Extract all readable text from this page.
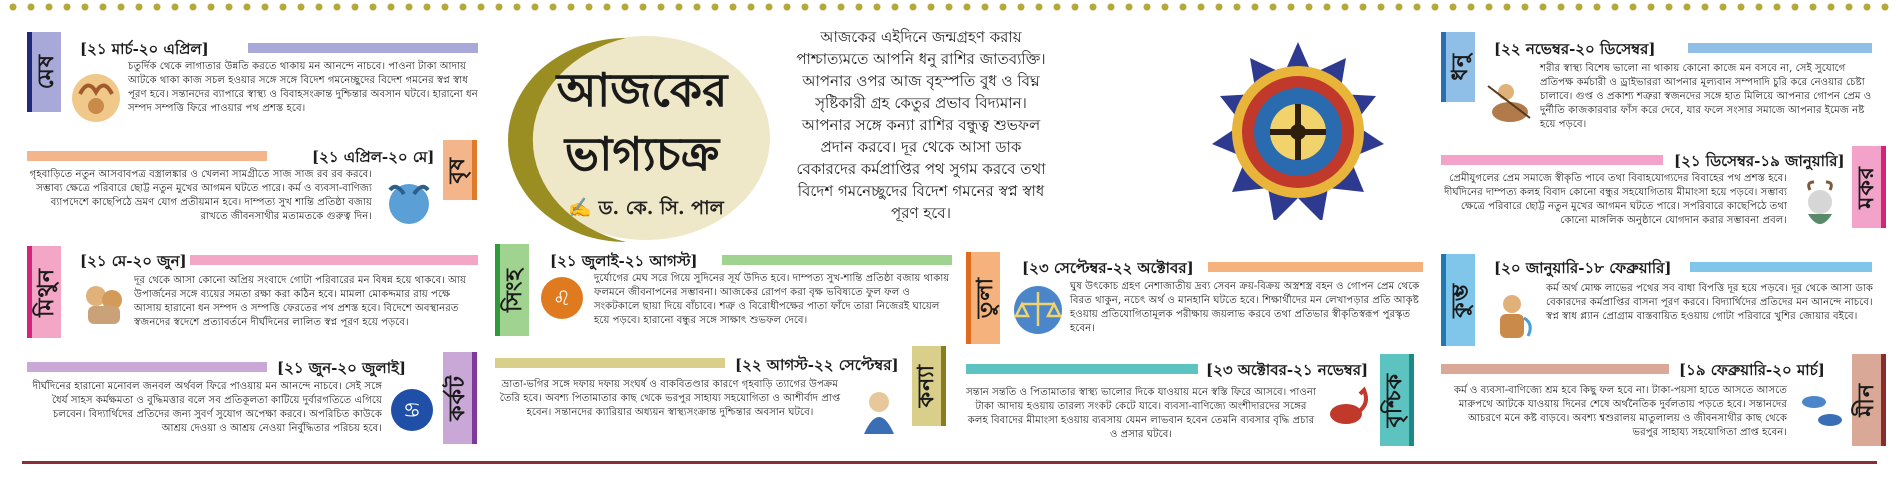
মেষ
[২১ মার্চ-২০ এপ্রিল]
চতুর্দিক থেকে লাগাতার উন্নতি করতে থাকায় মন আনন্দে নাচবে। পাওনা টাকা আদায় আটকে থাকা কাজ সচল হওয়ার সঙ্গে সঙ্গে বিদেশ গমনেচ্ছুদের বিদেশ গমনের স্বপ্ন স্বাধ পূরণ হবে। সন্তানদের ব্যাপারে স্বাস্থ্য ও বিবাহসংক্রান্ত দুশ্চিন্তার অবসান ঘটবে। হারানো ধন সম্পদ সম্পত্তি ফিরে পাওয়ার পথ প্রশস্ত হবে।
[২১ এপ্রিল-২০ মে] বৃষ
গৃহবাড়িতে নতুন আসবাবপত্র বস্ত্রালঙ্কার ও খেলনা সামগ্রীতে সাজ সাজ রব রব করবে। সম্ভাব্য ক্ষেত্রে পরিবারে ছোট্ট নতুন মুখের আগমন ঘটতে পারে। কর্ম ও ব্যবসা-বাণিজ্য ব্যাপদেশে কাছেপিঠে ভ্রমণ যোগ প্রতীয়মান হবে। দাম্পত্য সুখ শান্তি প্রতিষ্ঠা বজায় রাখতে জীবনসাথীর মতামতকে গুরুত্ব দিন।
মিথুন
[২১ মে-২০ জুন]
দূর থেকে আসা কোনো অপ্রিয় সংবাদে গোটা পরিবারের মন বিষন্ন হয়ে থাকবে। আয় উপার্জনের সঙ্গে ব্যয়ের সমতা রক্ষা করা কঠিন হবে। মামলা মোকদ্দমার রায় পক্ষে আসায় হারানো ধন সম্পদ ও সম্পত্তি ফেরতের পথ প্রশস্ত হবে। বিদেশে অবস্থানরত স্বজনদের স্বদেশে প্রত্যাবর্তনে দীর্ঘদিনের লালিত স্বপ্ন পূরণ হয়ে পড়বে।
[২১ জুন-২০ জুলাই]
কর্কট
♋
দীর্ঘদিনের হারানো মনোবল জনবল অর্থবল ফিরে পাওয়ায় মন আনন্দে নাচবে। সেই সঙ্গে ধৈর্য সাহস কর্মক্ষমতা ও বুদ্ধিমত্তার বলে সব প্রতিকূলতা কাটিয়ে দুর্বারগতিতে এগিয়ে চলবেন। বিদ্যার্থিদের প্রতিদের জন্য সুবর্ণ সুযোগ অপেক্ষা করবে। অপরিচিত কাউকে আশ্রয় দেওয়া ও আশ্রয় নেওয়া নির্বুদ্ধিতার পরিচয় হবে।
আজকের
ভাগ্যচক্র
✍ ড. কে. সি. পাল
আজকের এইদিনে জন্মগ্রহণ করায় পাশ্চাত্যমতে আপনি ধনু রাশির জাতব্যক্তি। আপনার ওপর আজ বৃহস্পতি বুধ ও বিঘ্ন সৃষ্টিকারী গ্রহ কেতুর প্রভাব বিদ্যমান। আপনার সঙ্গে কন্যা রাশির বন্ধুত্ব শুভফল প্রদান করবে। দূর থেকে আসা ডাক বেকারদের কর্মপ্রাপ্তির পথ সুগম করবে তথা বিদেশ গমনেচ্ছুদের বিদেশ গমনের স্বপ্ন স্বাধ পূরণ হবে।
সিংহ
[২১ জুলাই-২১ আগস্ট]
♌
দুর্যোগের মেঘ সরে গিয়ে সুদিনের সূর্য উদিত হবে। দাম্পত্য সুখ-শান্তি প্রতিষ্ঠা বজায় থাকায় ফলমনে জীবনাপনের সম্ভাবনা। আজকের রোপণ করা বৃক্ষ ভবিষ্যতে ফুল ফল ও সংকটকালে ছায়া দিয়ে বাঁচাবে। শত্রু ও বিরোধীপক্ষের পাতা ফাঁদে তারা নিজেরই ঘায়েল হয়ে পড়বে। হারানো বন্ধুর সঙ্গে সাক্ষাৎ শুভফল দেবে।
[২২ আগস্ট-২২ সেপ্টেম্বর] কন্যা
ভ্রাতা-ভগির সঙ্গে দফায় দফায় সংঘর্ষ ও বাকবিতণ্ডার কারণে গৃহবাড়ি ত্যাগের উপক্রম তৈরি হবে। অবশ্য পিতামাতার কাছ থেকে ভরপুর সাহায্য সহযোগিতা ও আশীর্বাদ প্রাপ্ত হবেন। সন্তানদের ক্যারিয়ার অধ্যয়ন স্বাস্থ্যসংক্রান্ত দুশ্চিন্তার অবসান ঘটবে।
তুলা
[২৩ সেপ্টেম্বর-২২ অক্টোবর]
ঘুষ উৎকোচ গ্রহণ নেশাজাতীয় দ্রব্য সেবন ক্রয়-বিক্রয় অস্ত্রশস্ত্র বহন ও গোপন প্রেম থেকে বিরত থাকুন, নচেৎ অর্থ ও মানহানি ঘটতে হবে। শিক্ষার্থীদের মন লেখাপড়ার প্রতি আকৃষ্ট হওয়ায় প্রতিযোগিতামূলক পরীক্ষায় জয়লাভ করবে তথা প্রতিভার স্বীকৃতিস্বরূপ পুরস্কৃত হবেন।
[২৩ অক্টোবর-২১ নভেম্বর]
বৃশ্চিক
সন্তান সন্ততি ও পিতামাতার স্বাস্থ্য ভালোর দিকে যাওয়ায় মনে স্বস্তি ফিরে আসবে। পাওনা টাকা আদায় হওয়ায় তারল্য সংকট কেটে যাবে। ব্যবসা-বাণিজ্যে অংশীদারদের সঙ্গের কলহ বিবাদের মীমাংসা হওয়ায় ব্যবসায় যেমন লাভবান হবেন তেমনি ব্যবসার বৃদ্ধি প্রচার ও প্রসার ঘটবে।
ধনু
[২২ নভেম্বর-২০ ডিসেম্বর]
শরীর স্বাস্থ্য বিশেষ ভালো না থাকায় কোনো কাজে মন বসবে না, সেই সুযোগে প্রতিপক্ষ কর্মচারী ও ড্রাইভাররা আপনার মূল্যবান সম্পদাদি চুরি করে নেওয়ার চেষ্টা চালাবে। গুপ্ত ও প্রকাশ্য শত্রুরা স্বজনদের সঙ্গে হাত মিলিয়ে আপনার গোপন প্রেম ও দুর্নীতি কাজকারবার ফাঁস করে দেবে, যার ফলে সংসার সমাজে আপনার ইমেজ নষ্ট হয়ে পড়বে।
[২১ ডিসেম্বর-১৯ জানুয়ারি]
মকর
প্রেমীযুগলের প্রেম সমাজে স্বীকৃতি পাবে তথা বিবাহযোগ্যদের বিবাহের পথ প্রশস্ত হবে। দীর্ঘদিনের দাম্পত্য কলহ বিবাদ কোনো বন্ধুর সহযোগিতায় মীমাংসা হয়ে পড়বে। সম্ভাব্য ক্ষেত্রে পরিবারে ছোট্ট নতুন মুখের আগমন ঘটতে পারে। সপরিবারে কাছেপিঠে তথা কোনো মাঙ্গলিক অনুষ্ঠানে যোগদান করার সম্ভাবনা প্রবল।
কুম্ভ
[২০ জানুয়ারি-১৮ ফেব্রুয়ারি]
কর্ম অর্থ মোক্ষ লাভের পথের সব বাধা বিপত্তি দূর হয়ে পড়বে। দূর থেকে আসা ডাক বেকারদের কর্মপ্রাপ্তির বাসনা পূরণ করবে। বিদ্যার্থিদের প্রতিদের মন আনন্দে নাচবে। স্বপ্ন স্বাধ প্ল্যান প্রোগ্রাম বাস্তবায়িত হওয়ায় গোটা পরিবারে খুশির জোয়ার বইবে।
[১৯ ফেব্রুয়ারি-২০ মার্চ]
মীন
কর্ম ও ব্যবসা-বাণিজ্যে শ্রম হবে কিছু ফল হবে না। টাকা-পয়সা হাতে আসতে আসতে মারুপথে আটকে যাওয়ায় দিনের শেষে অর্থনৈতিক দুর্বলতায় পড়তে হবে। সন্তানদের আচরণে মনে কষ্ট বাড়বে। অবশ্য শ্বশুরালয় মাতুলালয় ও জীবনসাথীর কাছ থেকে ভরপুর সাহায্য সহযোগিতা প্রাপ্ত হবেন।
